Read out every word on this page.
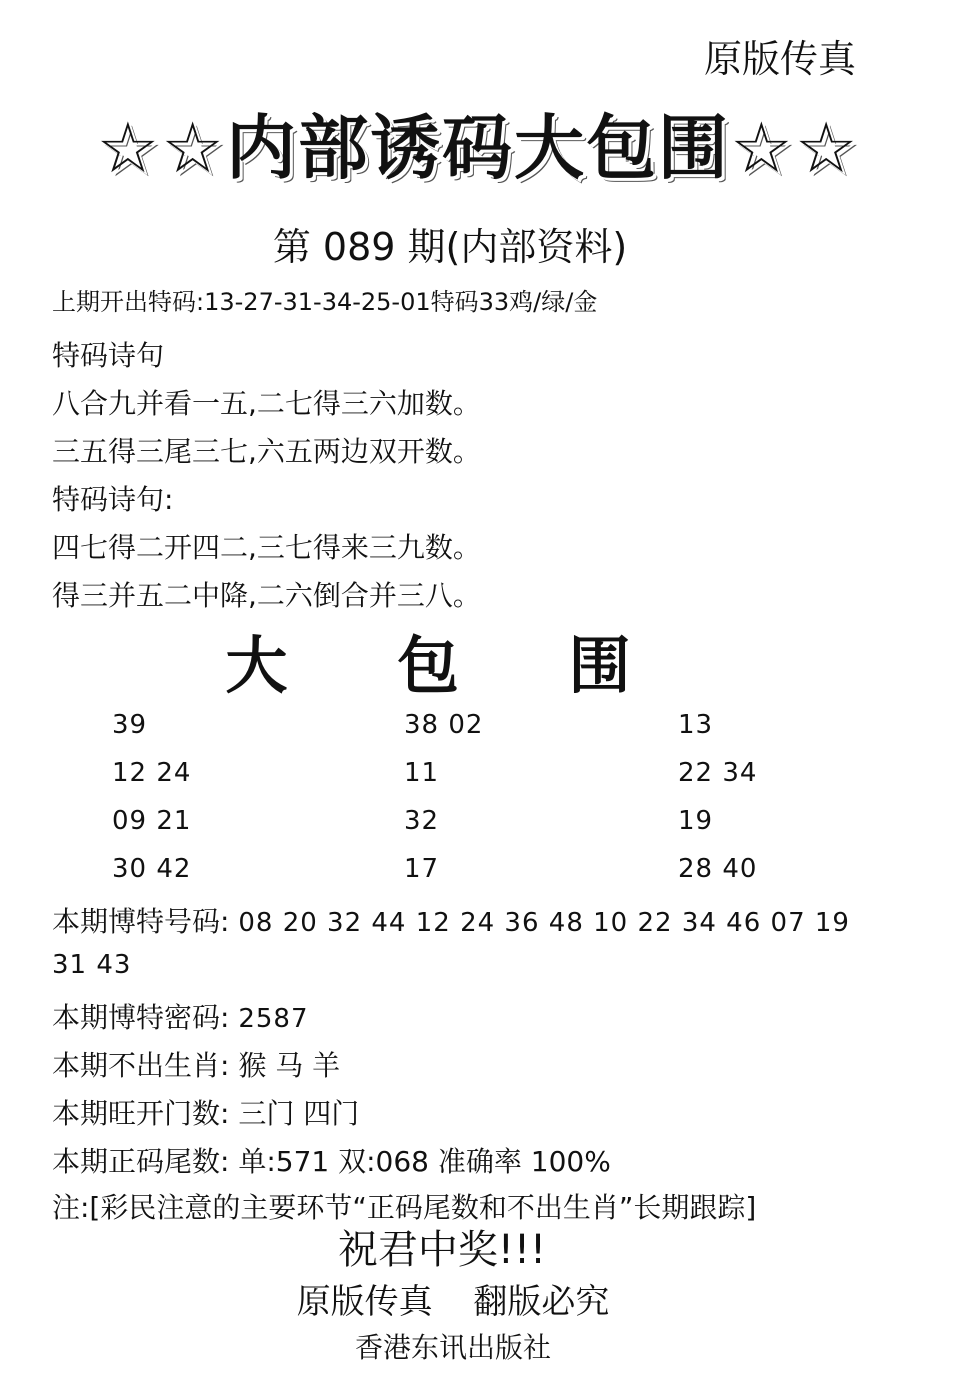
原版传真
☆☆内部诱码大包围☆☆
第 089 期(内部资料)
上期开出特码:13-27-31-34-25-01特码33鸡/绿/金
特码诗句
八合九并看一五,二七得三六加数。
三五得三尾三七,六五两边双开数。
特码诗句:
四七得二开四二,三七得来三九数。
得三并五二中降,二六倒合并三八。
大 包 围
39	38 02	13
12 24	11	22 34
09 21	32	19
30 42	17	28 40
本期博特号码: 08 20 32 44 12 24 36 48 10 22 34 46 07 19
31 43
本期博特密码: 2587
本期不出生肖: 猴 马 羊
本期旺开门数: 三门 四门
本期正码尾数: 单:571 双:068 准确率 100%
注:[彩民注意的主要环节“正码尾数和不出生肖”长期跟踪]
祝君中奖!!!
原版传真 翻版必究
香港东讯出版社
